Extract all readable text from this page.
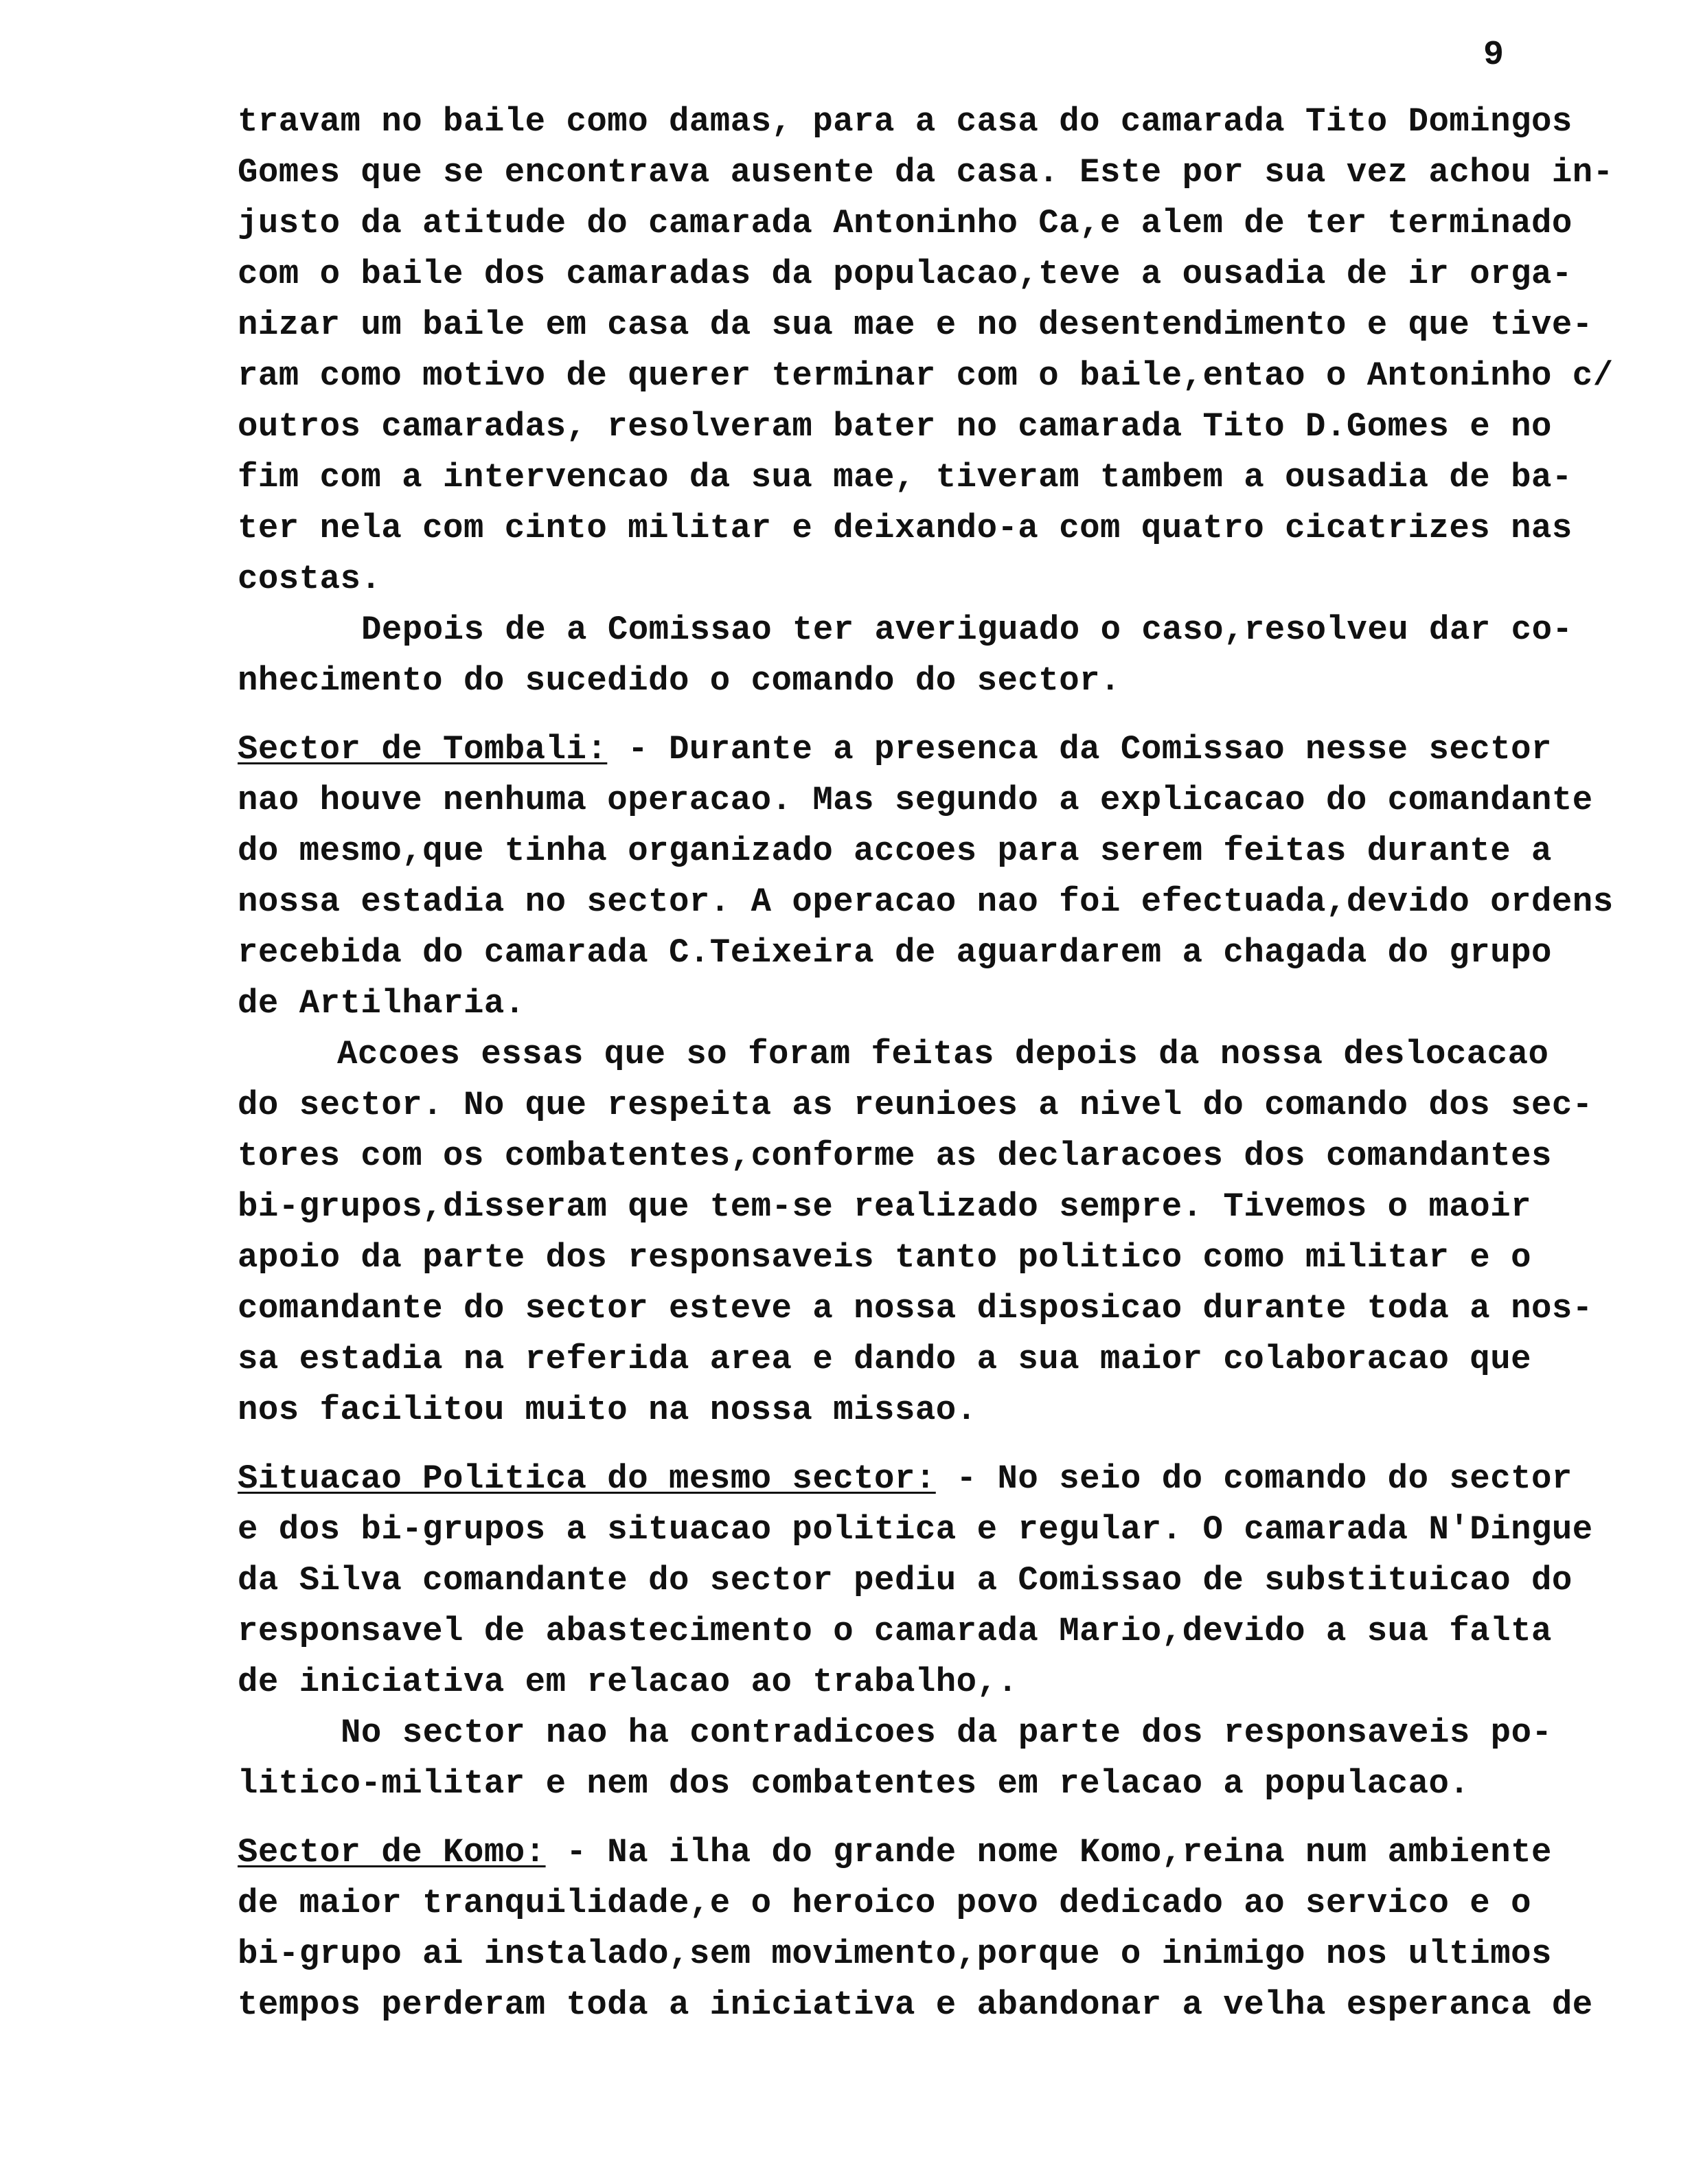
9
travam no baile como damas, para a casa do camarada Tito Domingos
Gomes que se encontrava ausente da casa. Este por sua vez achou in-
justo da atitude do camarada Antoninho Ca,e alem de ter terminado
com o baile dos camaradas da populacao,teve a ousadia de ir orga-
nizar um baile em casa da sua mae e no desentendimento e que tive-
ram como motivo de querer terminar com o baile,entao o Antoninho c/
outros camaradas, resolveram bater no camarada Tito D.Gomes e no
fim com a intervencao da sua mae, tiveram tambem a ousadia de ba-
ter nela com cinto militar e deixando-a com quatro cicatrizes nas
costas.
Depois de a Comissao ter averiguado o caso,resolveu dar co-
nhecimento do sucedido o comando do sector.
Sector de Tombali: - Durante a presenca da Comissao nesse sector
nao houve nenhuma operacao. Mas segundo a explicacao do comandante
do mesmo,que tinha organizado accoes para serem feitas durante a
nossa estadia no sector. A operacao nao foi efectuada,devido ordens
recebida do camarada C.Teixeira de aguardarem a chagada do grupo
de Artilharia.
Accoes essas que so foram feitas depois da nossa deslocacao
do sector. No que respeita as reunioes a nivel do comando dos sec-
tores com os combatentes,conforme as declaracoes dos comandantes
bi-grupos,disseram que tem-se realizado sempre. Tivemos o maoir
apoio da parte dos responsaveis tanto politico como militar e o
comandante do sector esteve a nossa disposicao durante toda a nos-
sa estadia na referida area e dando a sua maior colaboracao que
nos facilitou muito na nossa missao.
Situacao Politica do mesmo sector: - No seio do comando do sector
e dos bi-grupos a situacao politica e regular. O camarada N'Dingue
da Silva comandante do sector pediu a Comissao de substituicao do
responsavel de abastecimento o camarada Mario,devido a sua falta
de iniciativa em relacao ao trabalho,.
No sector nao ha contradicoes da parte dos responsaveis po-
litico-militar e nem dos combatentes em relacao a populacao.
Sector de Komo: - Na ilha do grande nome Komo,reina num ambiente
de maior tranquilidade,e o heroico povo dedicado ao servico e o
bi-grupo ai instalado,sem movimento,porque o inimigo nos ultimos
tempos perderam toda a iniciativa e abandonar a velha esperanca de
